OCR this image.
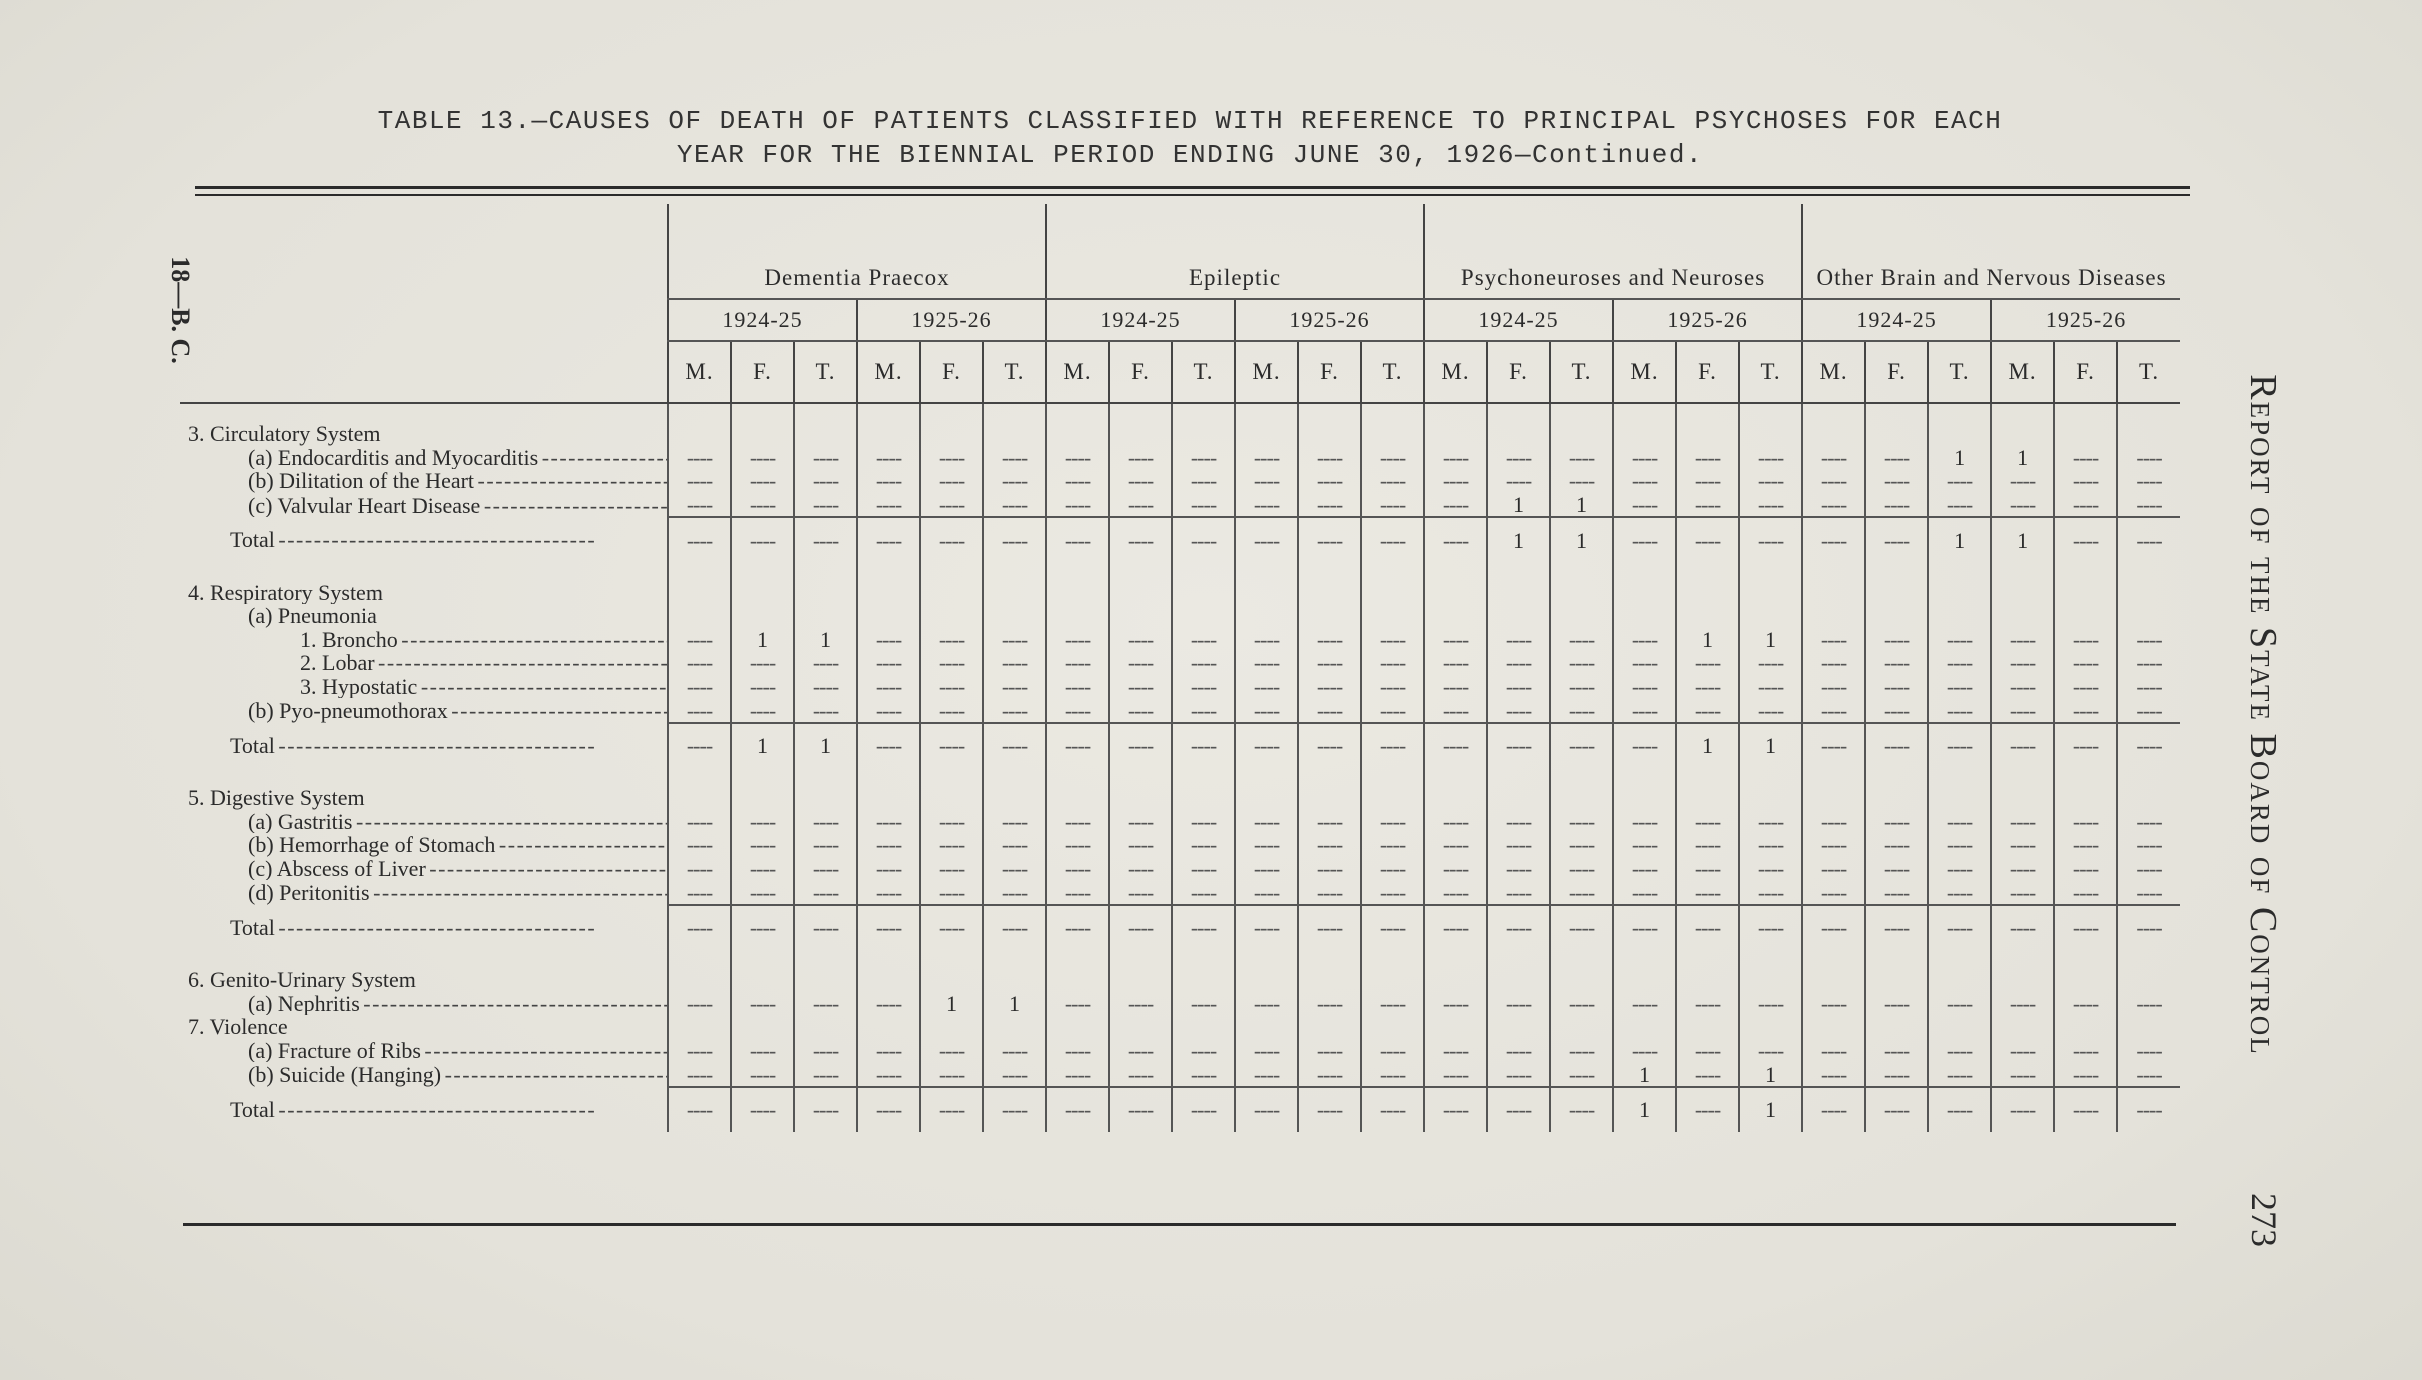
TABLE 13.—CAUSES OF DEATH OF PATIENTS CLASSIFIED WITH REFERENCE TO PRINCIPAL PSYCHOSES FOR EACH
YEAR FOR THE BIENNIAL PERIOD ENDING JUNE 30, 1926—Continued.
18—B. C.
Report of the State Board of Control
273
	Dementia Praecox						Epileptic						Psychoneuroses and Neuroses						Other Brain and Nervous Diseases					
	1924-25			1925-26			1924-25			1925-26			1924-25			1925-26			1924-25			1925-26		
	M.	F.	T.	M.	F.	T.	M.	F.	T.	M.	F.	T.	M.	F.	T.	M.	F.	T.	M.	F.	T.	M.	F.	T.

3. Circulatory System																								
(a) Endocarditis and Myocarditis - - -	----	----	----	----	----	----	----	----	----	----	----	----	----	----	----	----	----	----	----	----	1	1	----	----
(b) Dilitation of the Heart - - -	----	----	----	----	----	----	----	----	----	----	----	----	----	----	----	----	----	----	----	----	----	----	----	----
(c) Valvular Heart Disease - - -	----	----	----	----	----	----	----	----	----	----	----	----	----	1	1	----	----	----	----	----	----	----	----	----
Total - - -	----	----	----	----	----	----	----	----	----	----	----	----	----	1	1	----	----	----	----	----	1	1	----	----

4. Respiratory System																								
(a) Pneumonia																								
1. Broncho - - -	----	1	1	----	----	----	----	----	----	----	----	----	----	----	----	----	1	1	----	----	----	----	----	----
2. Lobar - - -	----	----	----	----	----	----	----	----	----	----	----	----	----	----	----	----	----	----	----	----	----	----	----	----
3. Hypostatic - - -	----	----	----	----	----	----	----	----	----	----	----	----	----	----	----	----	----	----	----	----	----	----	----	----
(b) Pyo-pneumothorax - - -	----	----	----	----	----	----	----	----	----	----	----	----	----	----	----	----	----	----	----	----	----	----	----	----
Total - - -	----	1	1	----	----	----	----	----	----	----	----	----	----	----	----	----	1	1	----	----	----	----	----	----

5. Digestive System																								
(a) Gastritis - - -	----	----	----	----	----	----	----	----	----	----	----	----	----	----	----	----	----	----	----	----	----	----	----	----
(b) Hemorrhage of Stomach - - -	----	----	----	----	----	----	----	----	----	----	----	----	----	----	----	----	----	----	----	----	----	----	----	----
(c) Abscess of Liver - - -	----	----	----	----	----	----	----	----	----	----	----	----	----	----	----	----	----	----	----	----	----	----	----	----
(d) Peritonitis - - -	----	----	----	----	----	----	----	----	----	----	----	----	----	----	----	----	----	----	----	----	----	----	----	----
Total - - -	----	----	----	----	----	----	----	----	----	----	----	----	----	----	----	----	----	----	----	----	----	----	----	----

6. Genito-Urinary System																								
(a) Nephritis - - -	----	----	----	----	1	1	----	----	----	----	----	----	----	----	----	----	----	----	----	----	----	----	----	----
7. Violence																								
(a) Fracture of Ribs - - -	----	----	----	----	----	----	----	----	----	----	----	----	----	----	----	----	----	----	----	----	----	----	----	----
(b) Suicide (Hanging) - - -	----	----	----	----	----	----	----	----	----	----	----	----	----	----	----	1	----	1	----	----	----	----	----	----
Total - - -	----	----	----	----	----	----	----	----	----	----	----	----	----	----	----	1	----	1	----	----	----	----	----	----
